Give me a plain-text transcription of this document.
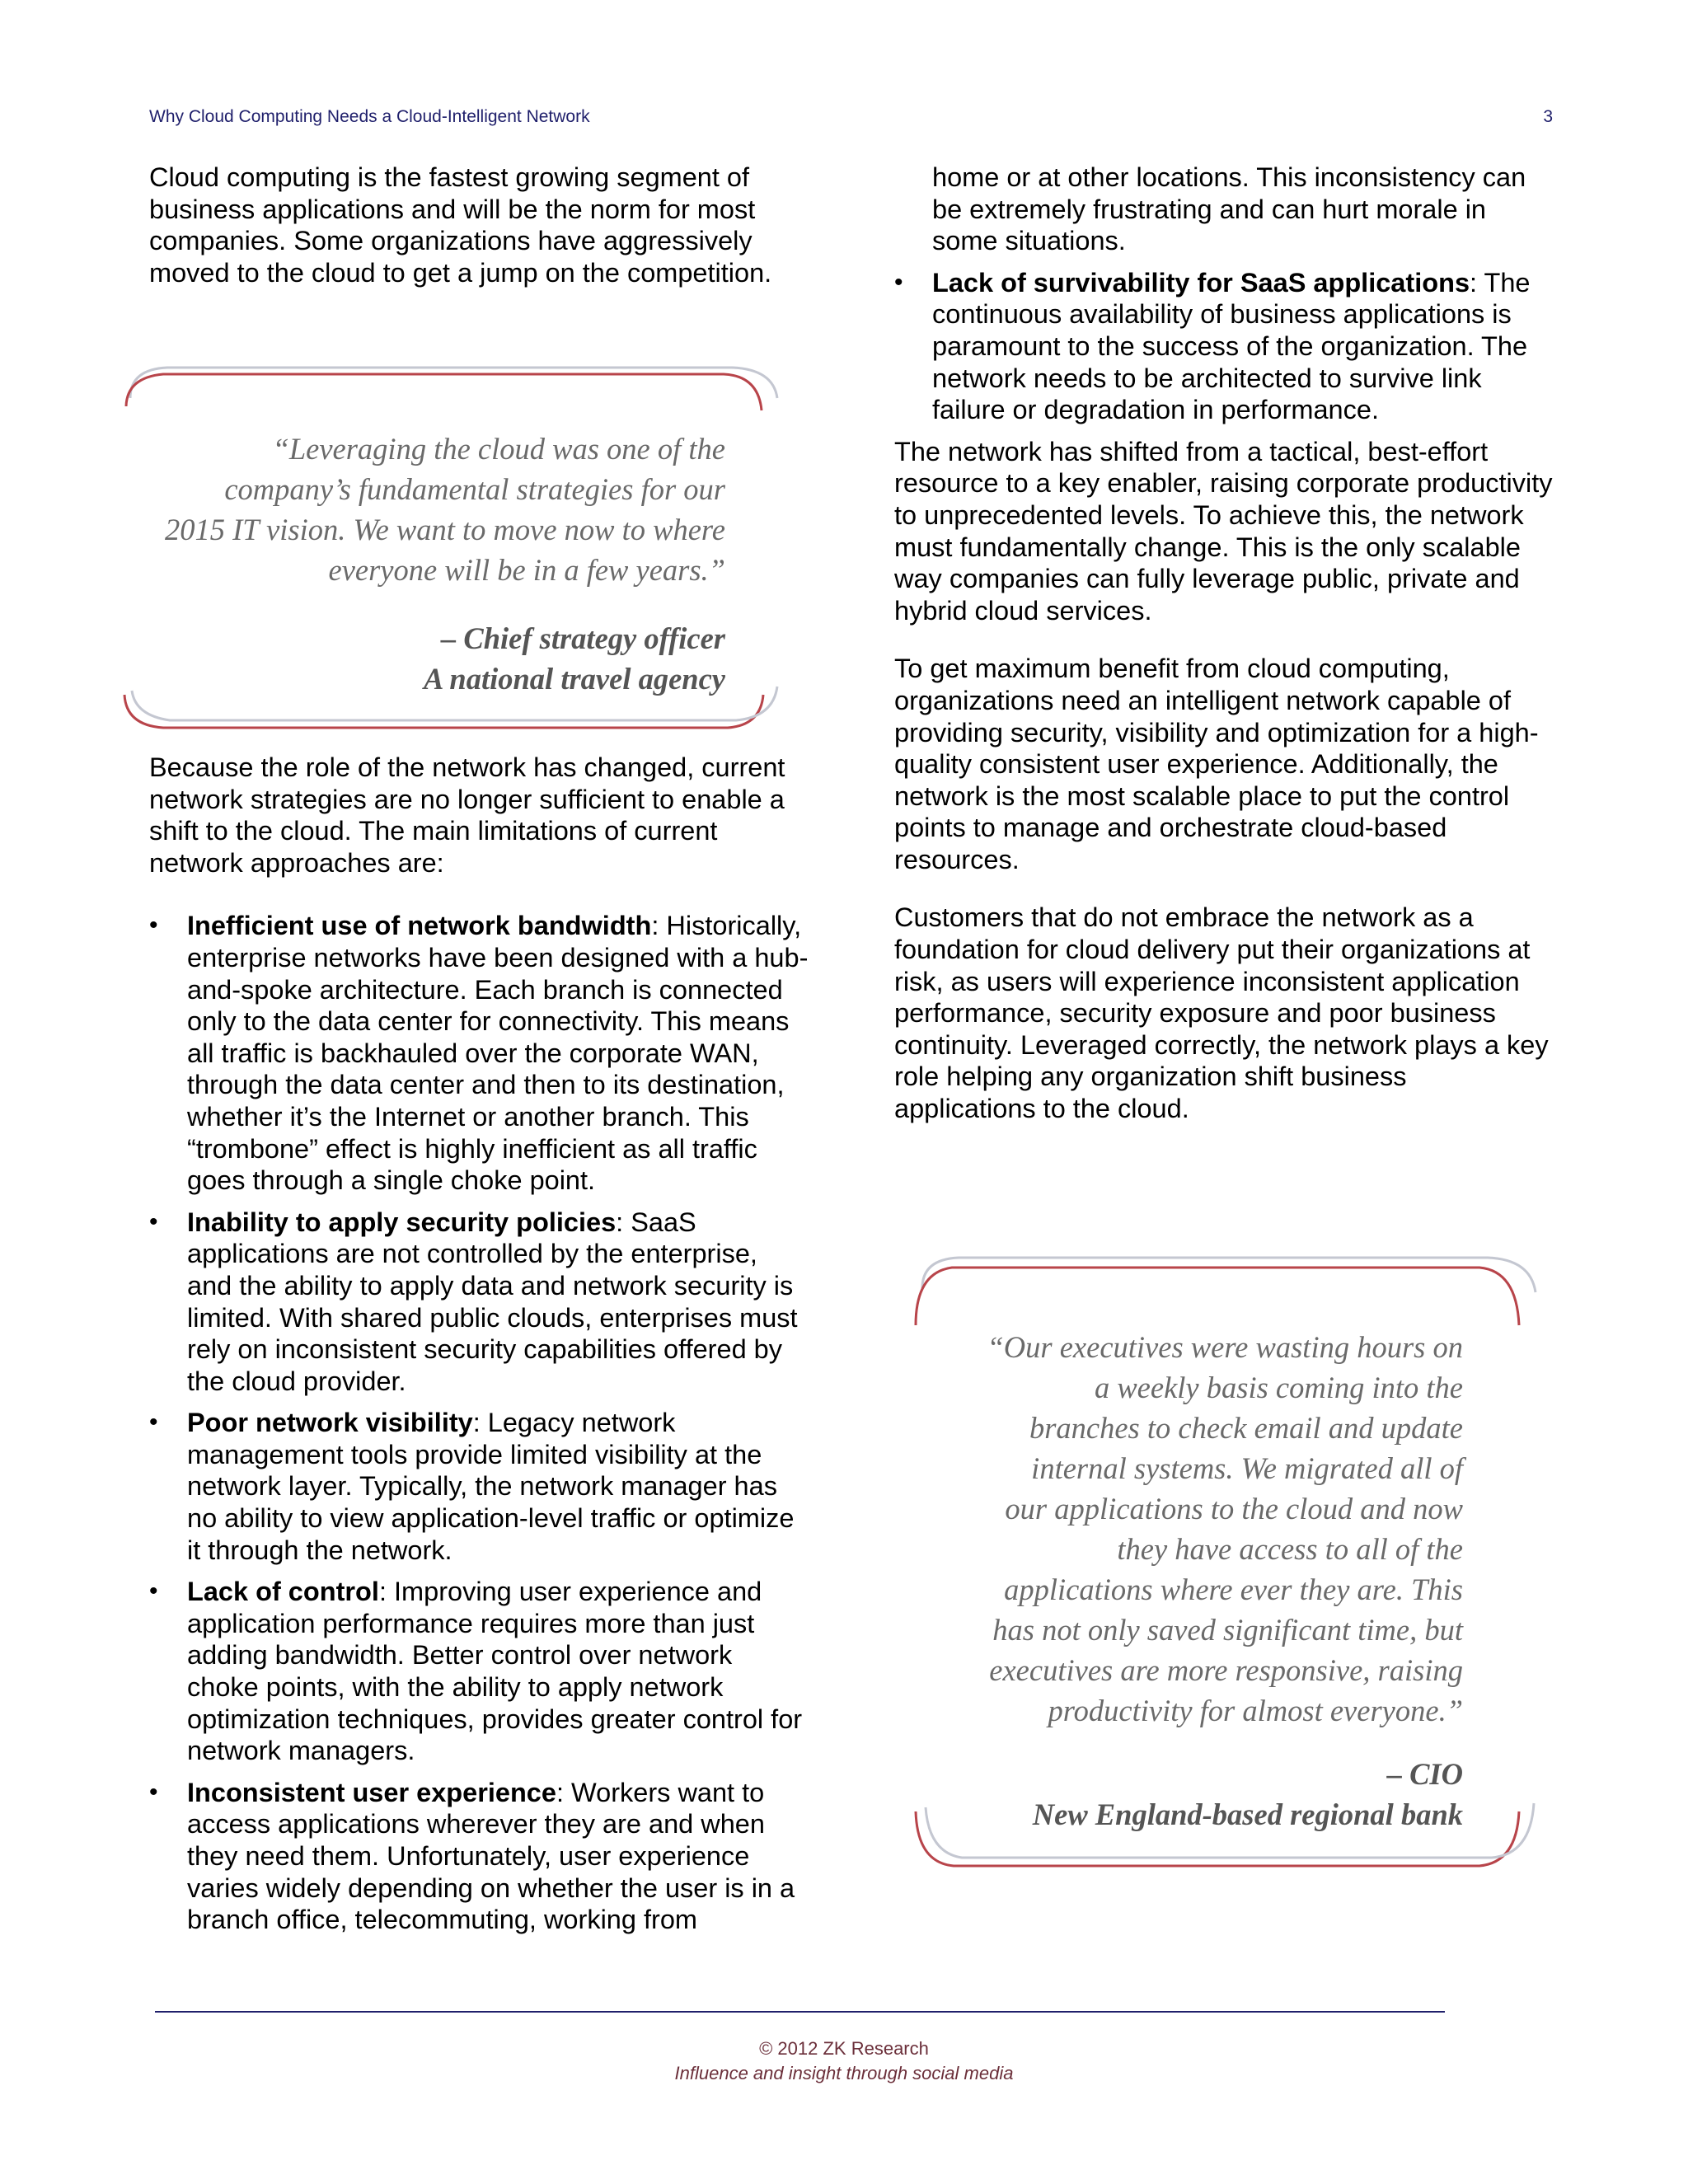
Why Cloud Computing Needs a Cloud-Intelligent Network	3

Cloud computing is the fastest growing segment of business applications and will be the norm for most companies. Some organizations have aggressively moved to the cloud to get a jump on the competition.

“Leveraging the cloud was one of the
company’s fundamental strategies for our
2015 IT vision. We want to move now to where
everyone will be in a few years.”
– Chief strategy officer
A national travel agency

Because the role of the network has changed, current network strategies are no longer sufficient to enable a shift to the cloud. The main limitations of current network approaches are:

• Inefficient use of network bandwidth: Historically, enterprise networks have been designed with a hub-and-spoke architecture. Each branch is connected only to the data center for connectivity. This means all traffic is backhauled over the corporate WAN, through the data center and then to its destination, whether it’s the Internet or another branch. This “trombone” effect is highly inefficient as all traffic goes through a single choke point.
• Inability to apply security policies: SaaS applications are not controlled by the enterprise, and the ability to apply data and network security is limited. With shared public clouds, enterprises must rely on inconsistent security capabilities offered by the cloud provider.
• Poor network visibility: Legacy network management tools provide limited visibility at the network layer. Typically, the network manager has no ability to view application-level traffic or optimize it through the network.
• Lack of control: Improving user experience and application performance requires more than just adding bandwidth. Better control over network choke points, with the ability to apply network optimization techniques, provides greater control for network managers.
• Inconsistent user experience: Workers want to access applications wherever they are and when they need them. Unfortunately, user experience varies widely depending on whether the user is in a branch office, telecommuting, working from

home or at other locations. This inconsistency can be extremely frustrating and can hurt morale in some situations.

• Lack of survivability for SaaS applications: The continuous availability of business applications is paramount to the success of the organization. The network needs to be architected to survive link failure or degradation in performance.

The network has shifted from a tactical, best-effort resource to a key enabler, raising corporate productivity to unprecedented levels. To achieve this, the network must fundamentally change. This is the only scalable way companies can fully leverage public, private and hybrid cloud services.

To get maximum benefit from cloud computing, organizations need an intelligent network capable of providing security, visibility and optimization for a high-quality consistent user experience. Additionally, the network is the most scalable place to put the control points to manage and orchestrate cloud-based resources.

Customers that do not embrace the network as a foundation for cloud delivery put their organizations at risk, as users will experience inconsistent application performance, security exposure and poor business continuity. Leveraged correctly, the network plays a key role helping any organization shift business applications to the cloud.

“Our executives were wasting hours on
a weekly basis coming into the
branches to check email and update
internal systems. We migrated all of
our applications to the cloud and now
they have access to all of the
applications where ever they are. This
has not only saved significant time, but
executives are more responsive, raising
productivity for almost everyone.”
– CIO
New England-based regional bank
© 2012 ZK Research
Influence and insight through social media
